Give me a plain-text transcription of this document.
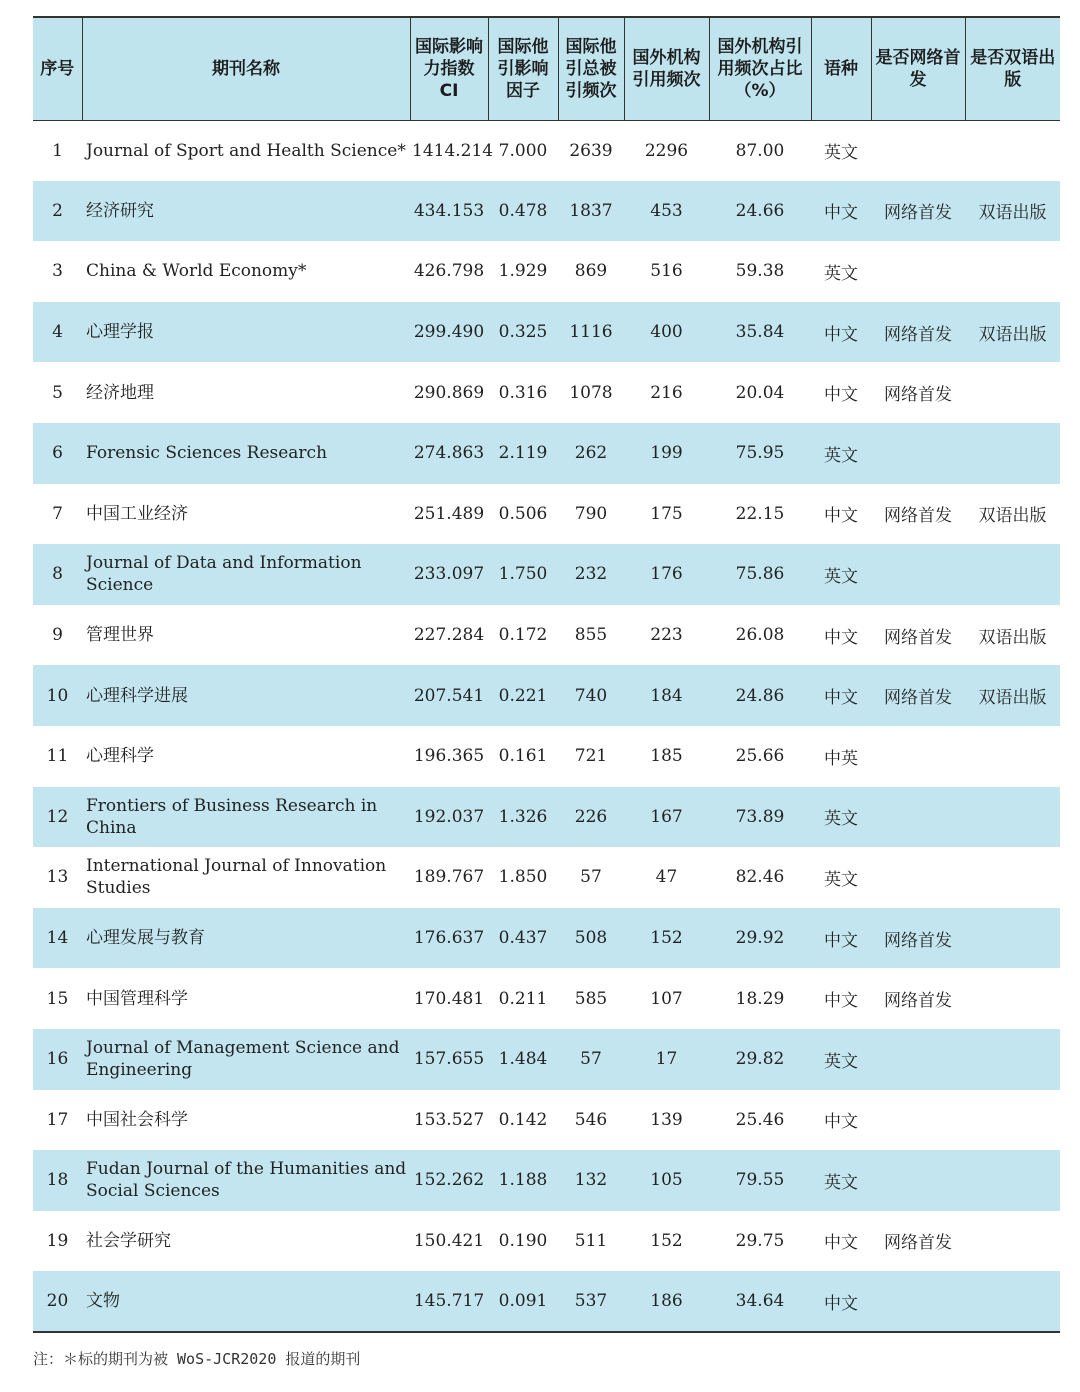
序号	期刊名称	国际影响力指数 CI	国际他引影响因子	国际他引总被引频次	国外机构引用频次	国外机构引用频次占比（%）	语种	是否网络首发	是否双语出版
1	Journal of Sport and Health Science*	1414.214	7.000	2639	2296	87.00	英文		
2	经济研究	434.153	0.478	1837	453	24.66	中文	网络首发	双语出版
3	China & World Economy*	426.798	1.929	869	516	59.38	英文		
4	心理学报	299.490	0.325	1116	400	35.84	中文	网络首发	双语出版
5	经济地理	290.869	0.316	1078	216	20.04	中文	网络首发	
6	Forensic Sciences Research	274.863	2.119	262	199	75.95	英文		
7	中国工业经济	251.489	0.506	790	175	22.15	中文	网络首发	双语出版
8	Journal of Data and Information Science	233.097	1.750	232	176	75.86	英文		
9	管理世界	227.284	0.172	855	223	26.08	中文	网络首发	双语出版
10	心理科学进展	207.541	0.221	740	184	24.86	中文	网络首发	双语出版
11	心理科学	196.365	0.161	721	185	25.66	中英		
12	Frontiers of Business Research in China	192.037	1.326	226	167	73.89	英文		
13	International Journal of Innovation Studies	189.767	1.850	57	47	82.46	英文		
14	心理发展与教育	176.637	0.437	508	152	29.92	中文	网络首发	
15	中国管理科学	170.481	0.211	585	107	18.29	中文	网络首发	
16	Journal of Management Science and Engineering	157.655	1.484	57	17	29.82	英文		
17	中国社会科学	153.527	0.142	546	139	25.46	中文		
18	Fudan Journal of the Humanities and Social Sciences	152.262	1.188	132	105	79.55	英文		
19	社会学研究	150.421	0.190	511	152	29.75	中文	网络首发	
20	文物	145.717	0.091	537	186	34.64	中文		
注：＊标的期刊为被 WoS-JCR2020 报道的期刊
